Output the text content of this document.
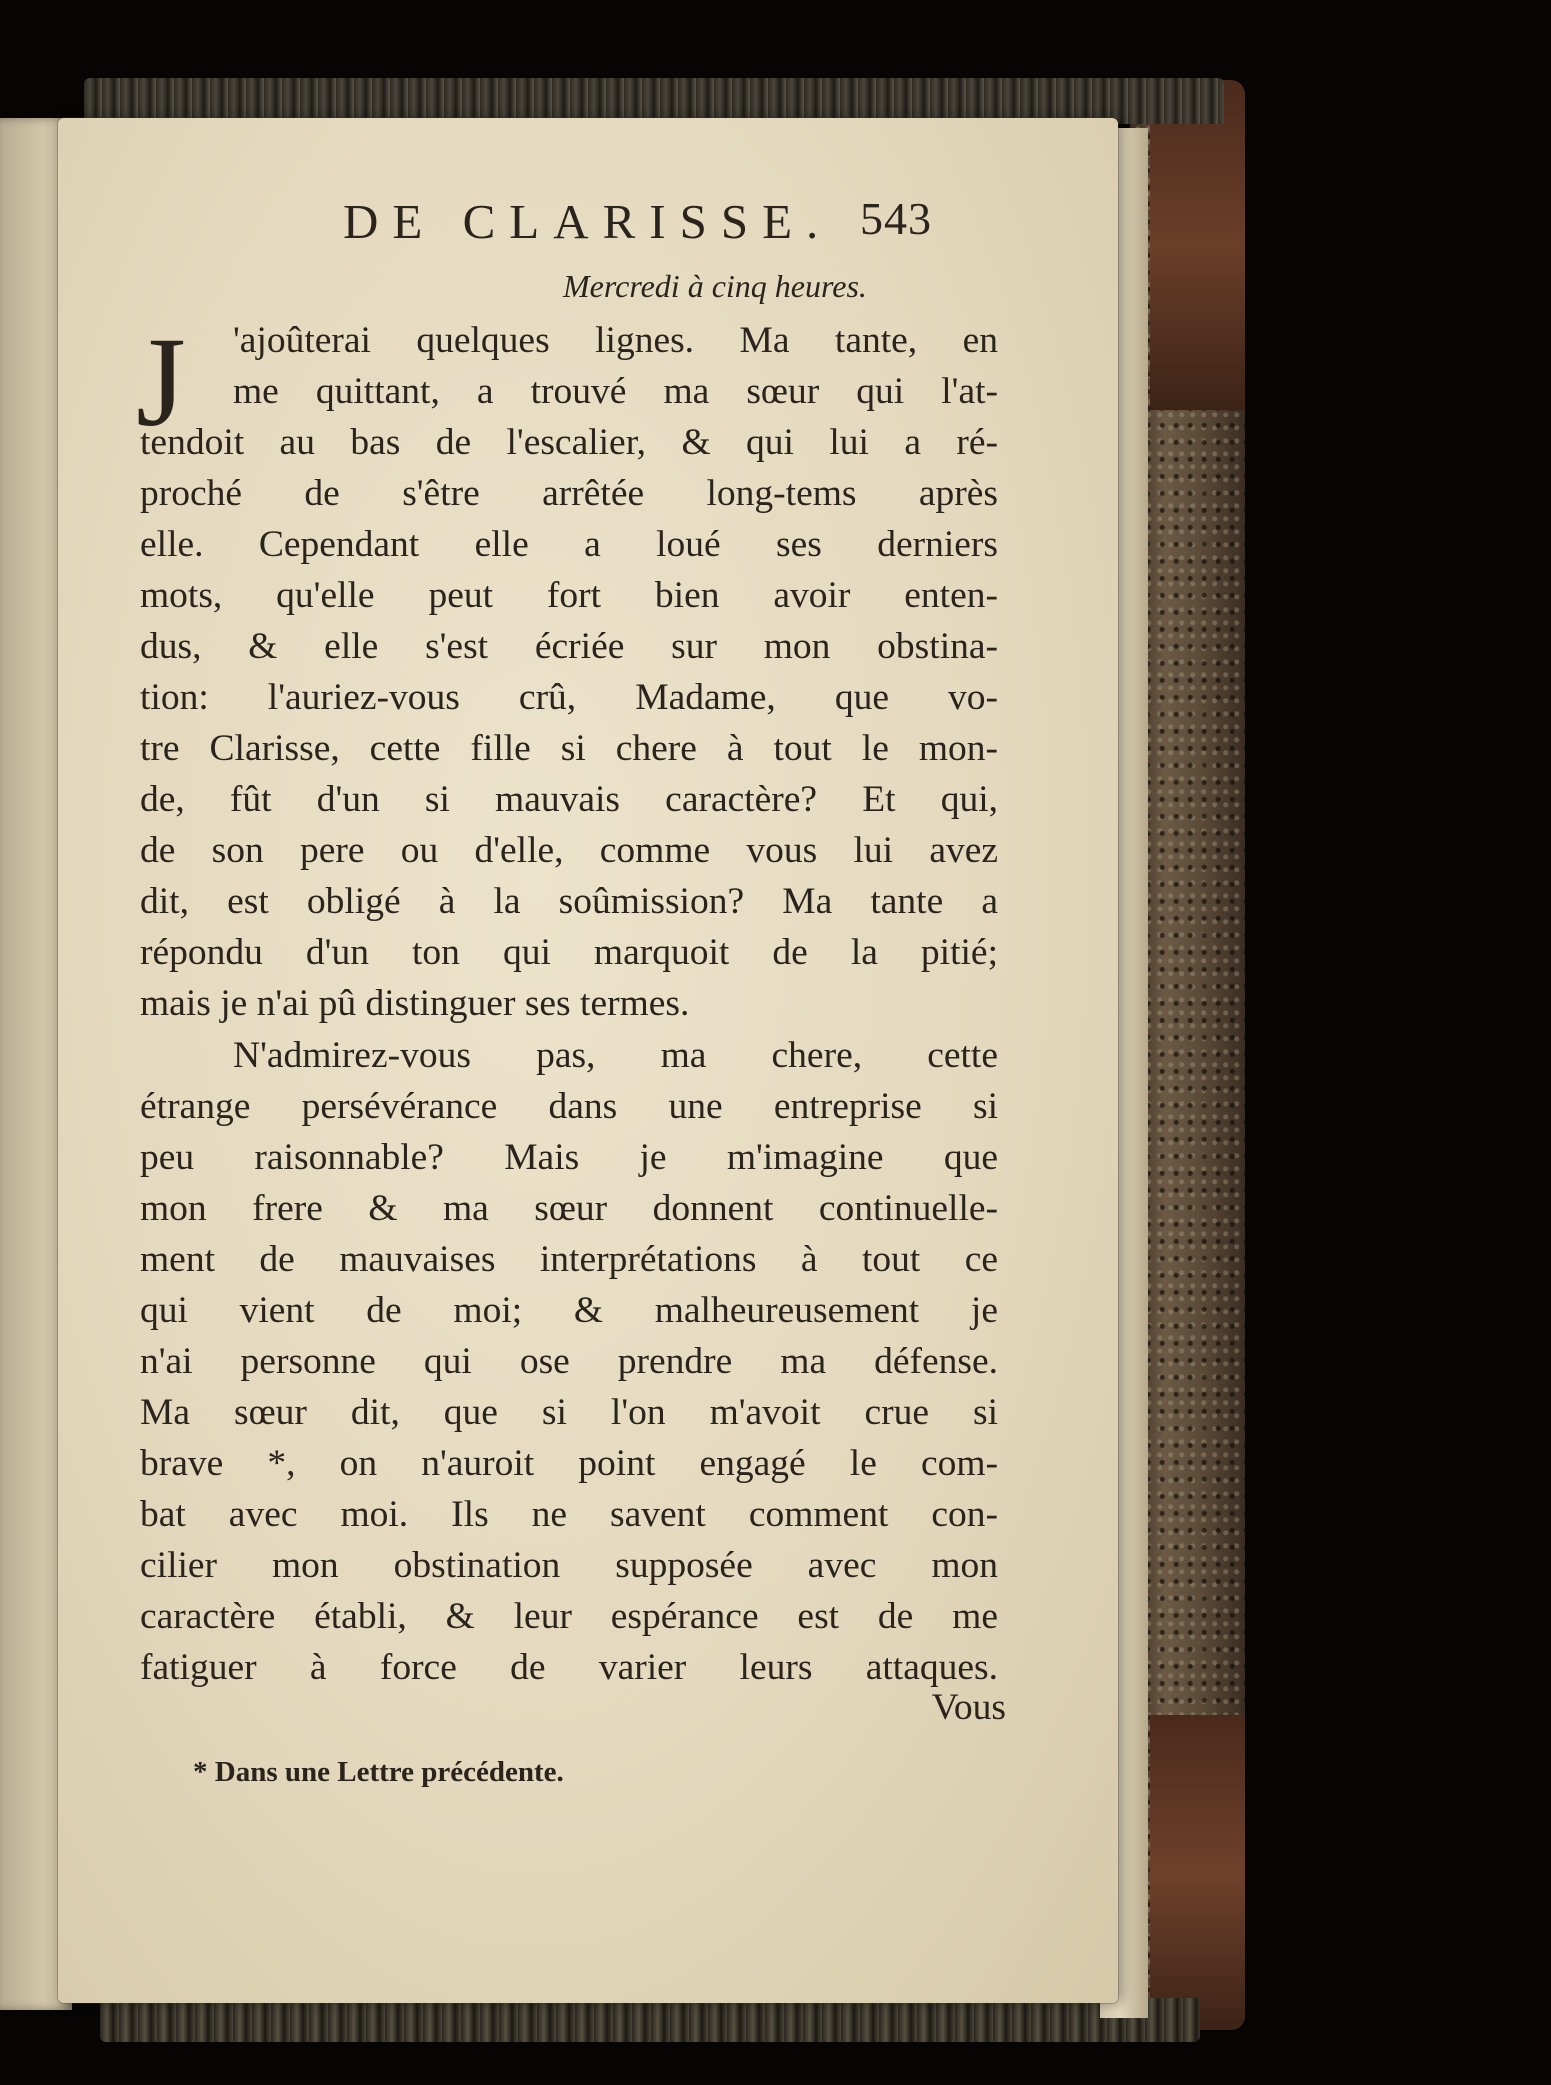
DE CLARISSE. 543
Mercredi à cinq heures.
J 'ajoûterai quelques lignes. Ma tante, en
me quittant, a trouvé ma sœur qui l'at-
tendoit au bas de l'escalier, & qui lui a ré-
proché de s'être arrêtée long-tems après
elle. Cependant elle a loué ses derniers
mots, qu'elle peut fort bien avoir enten-
dus, & elle s'est écriée sur mon obstina-
tion: l'auriez-vous crû, Madame, que vo-
tre Clarisse, cette fille si chere à tout le mon-
de, fût d'un si mauvais caractère? Et qui,
de son pere ou d'elle, comme vous lui avez
dit, est obligé à la soûmission? Ma tante a
répondu d'un ton qui marquoit de la pitié;
mais je n'ai pû distinguer ses termes.
N'admirez-vous pas, ma chere, cette
étrange persévérance dans une entreprise si
peu raisonnable? Mais je m'imagine que
mon frere & ma sœur donnent continuelle-
ment de mauvaises interprétations à tout ce
qui vient de moi; & malheureusement je
n'ai personne qui ose prendre ma défense.
Ma sœur dit, que si l'on m'avoit crue si
brave *, on n'auroit point engagé le com-
bat avec moi. Ils ne savent comment con-
cilier mon obstination supposée avec mon
caractère établi, & leur espérance est de me
fatiguer à force de varier leurs attaques.
Vous
* Dans une Lettre précédente.
